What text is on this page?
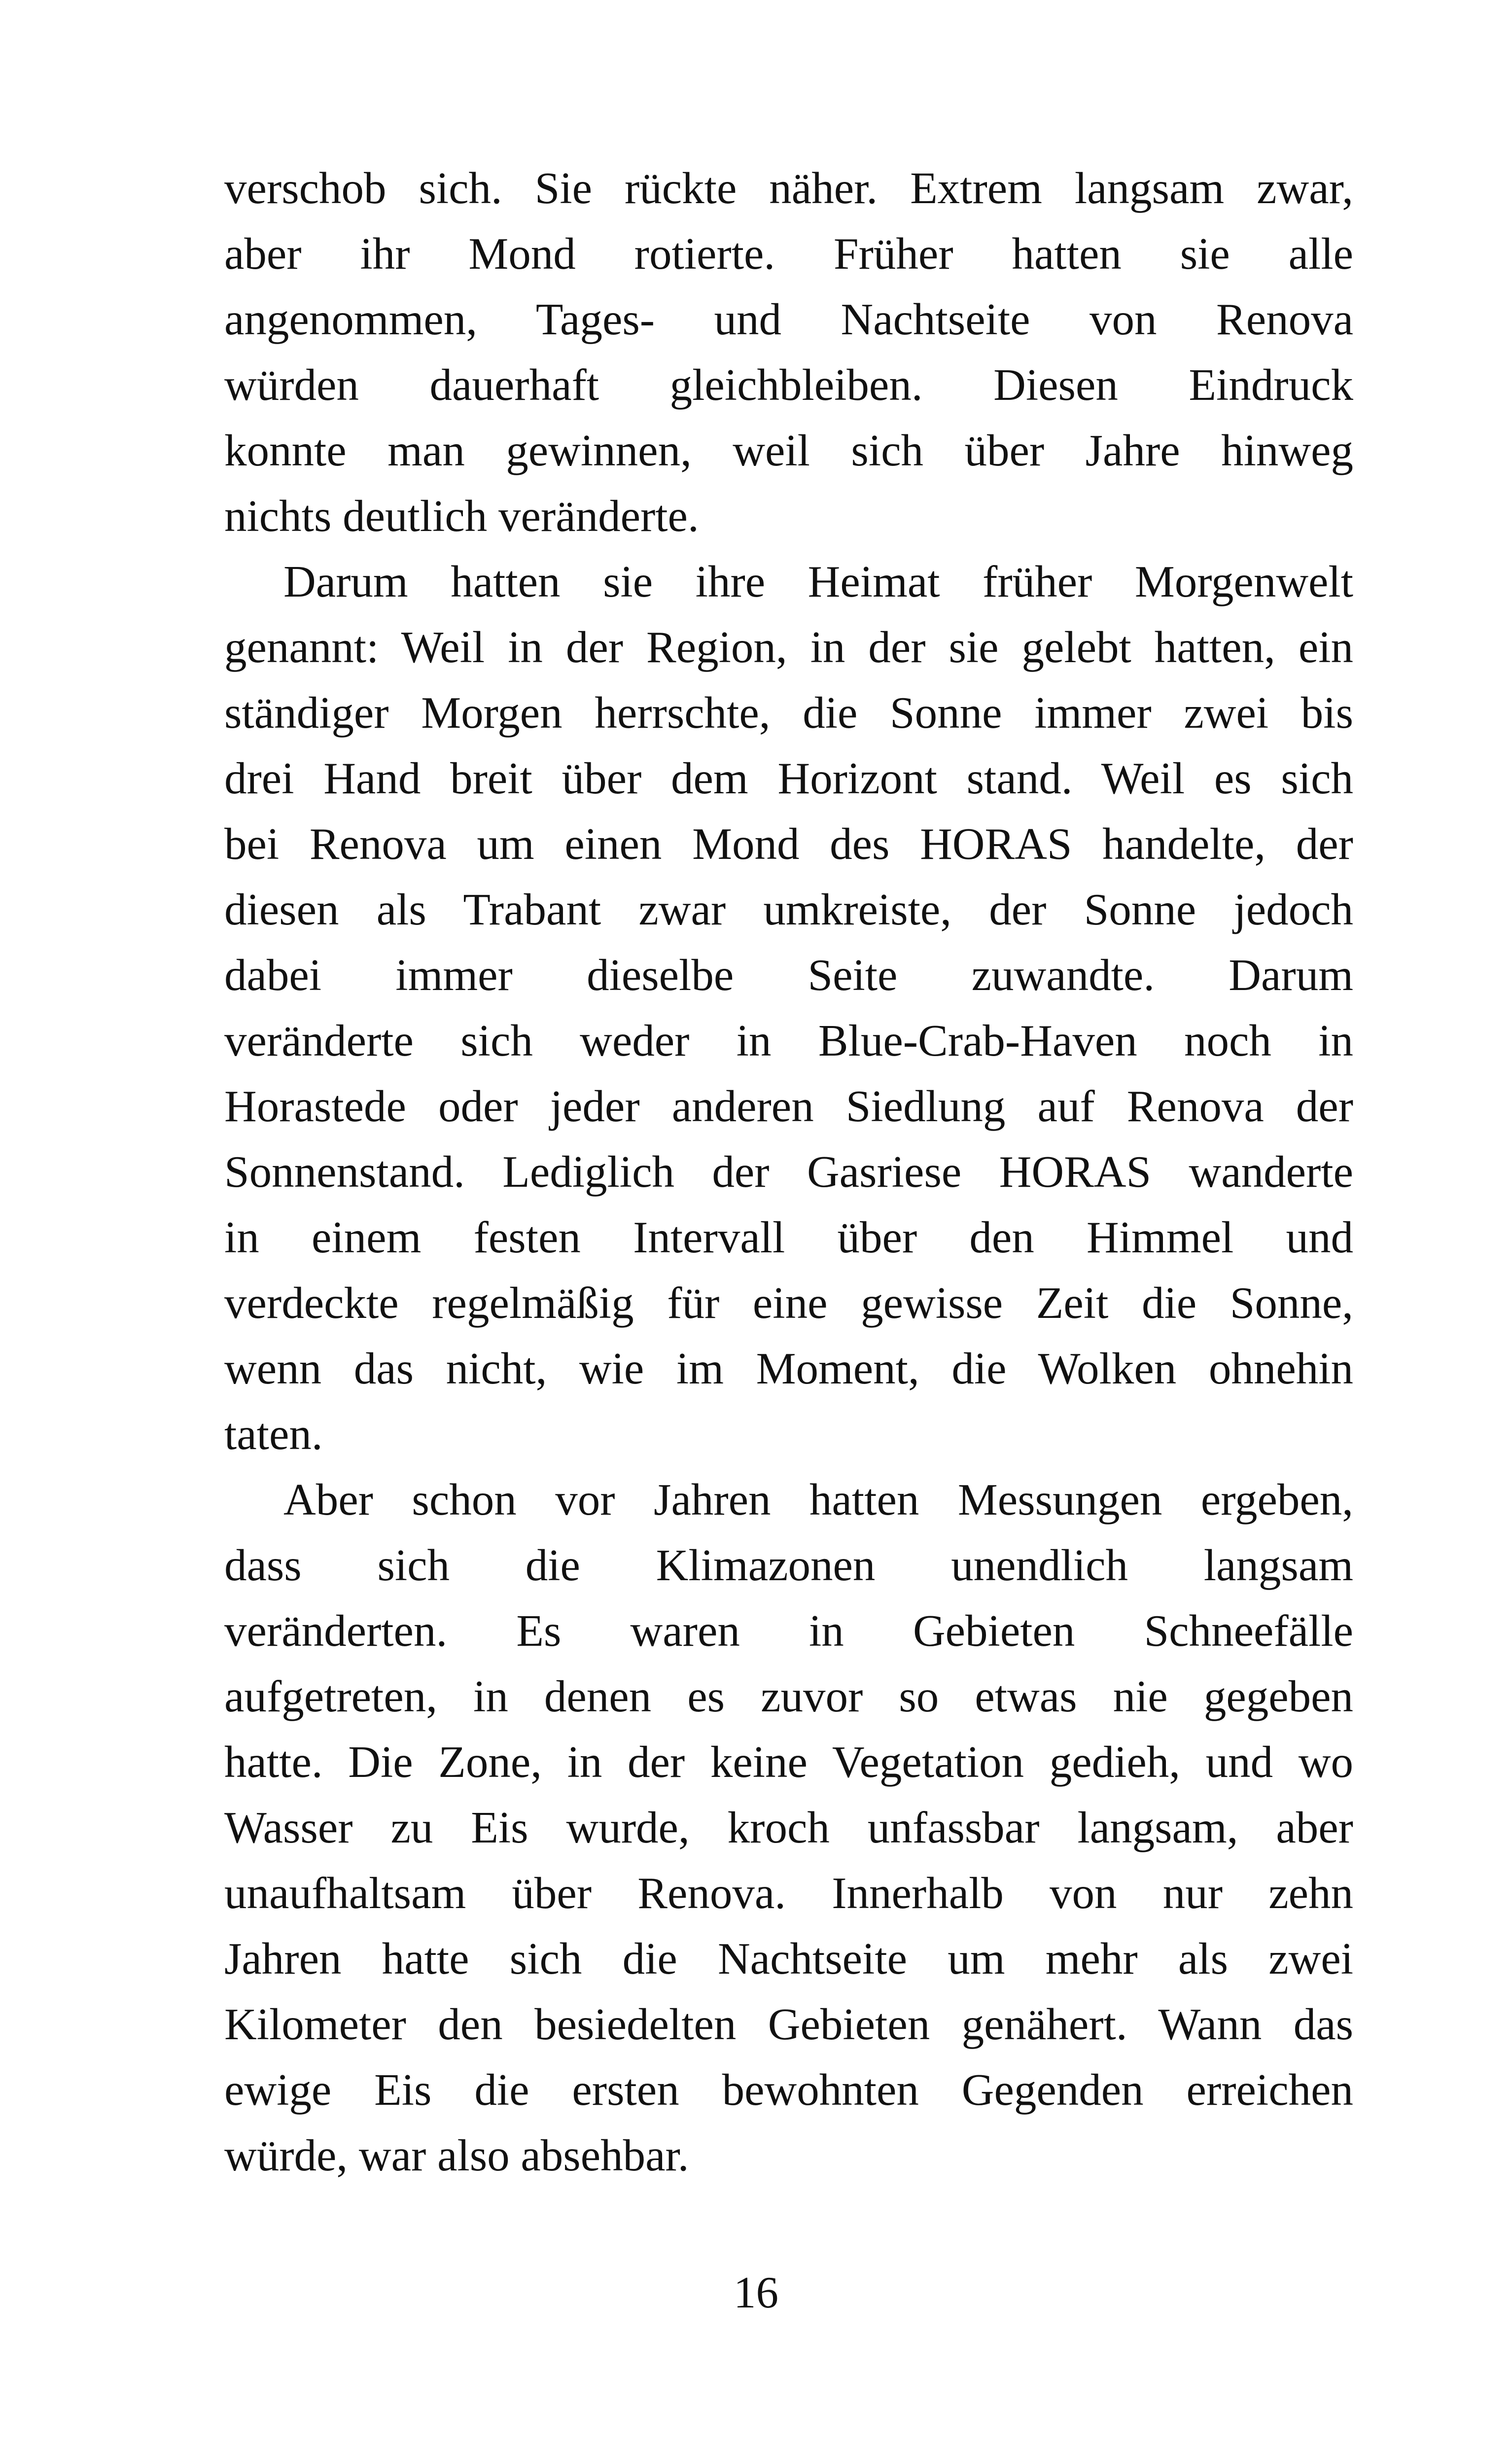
verschob sich. Sie rückte näher. Extrem langsam zwar,
aber ihr Mond rotierte. Früher hatten sie alle
angenommen, Tages- und Nachtseite von Renova
würden dauerhaft gleichbleiben. Diesen Eindruck
konnte man gewinnen, weil sich über Jahre hinweg
nichts deutlich veränderte.
Darum hatten sie ihre Heimat früher Morgenwelt
genannt: Weil in der Region, in der sie gelebt hatten, ein
ständiger Morgen herrschte, die Sonne immer zwei bis
drei Hand breit über dem Horizont stand. Weil es sich
bei Renova um einen Mond des HORAS handelte, der
diesen als Trabant zwar umkreiste, der Sonne jedoch
dabei immer dieselbe Seite zuwandte. Darum
veränderte sich weder in Blue-Crab-Haven noch in
Horastede oder jeder anderen Siedlung auf Renova der
Sonnenstand. Lediglich der Gasriese HORAS wanderte
in einem festen Intervall über den Himmel und
verdeckte regelmäßig für eine gewisse Zeit die Sonne,
wenn das nicht, wie im Moment, die Wolken ohnehin
taten.
Aber schon vor Jahren hatten Messungen ergeben,
dass sich die Klimazonen unendlich langsam
veränderten. Es waren in Gebieten Schneefälle
aufgetreten, in denen es zuvor so etwas nie gegeben
hatte. Die Zone, in der keine Vegetation gedieh, und wo
Wasser zu Eis wurde, kroch unfassbar langsam, aber
unaufhaltsam über Renova. Innerhalb von nur zehn
Jahren hatte sich die Nachtseite um mehr als zwei
Kilometer den besiedelten Gebieten genähert. Wann das
ewige Eis die ersten bewohnten Gegenden erreichen
würde, war also absehbar.
16
